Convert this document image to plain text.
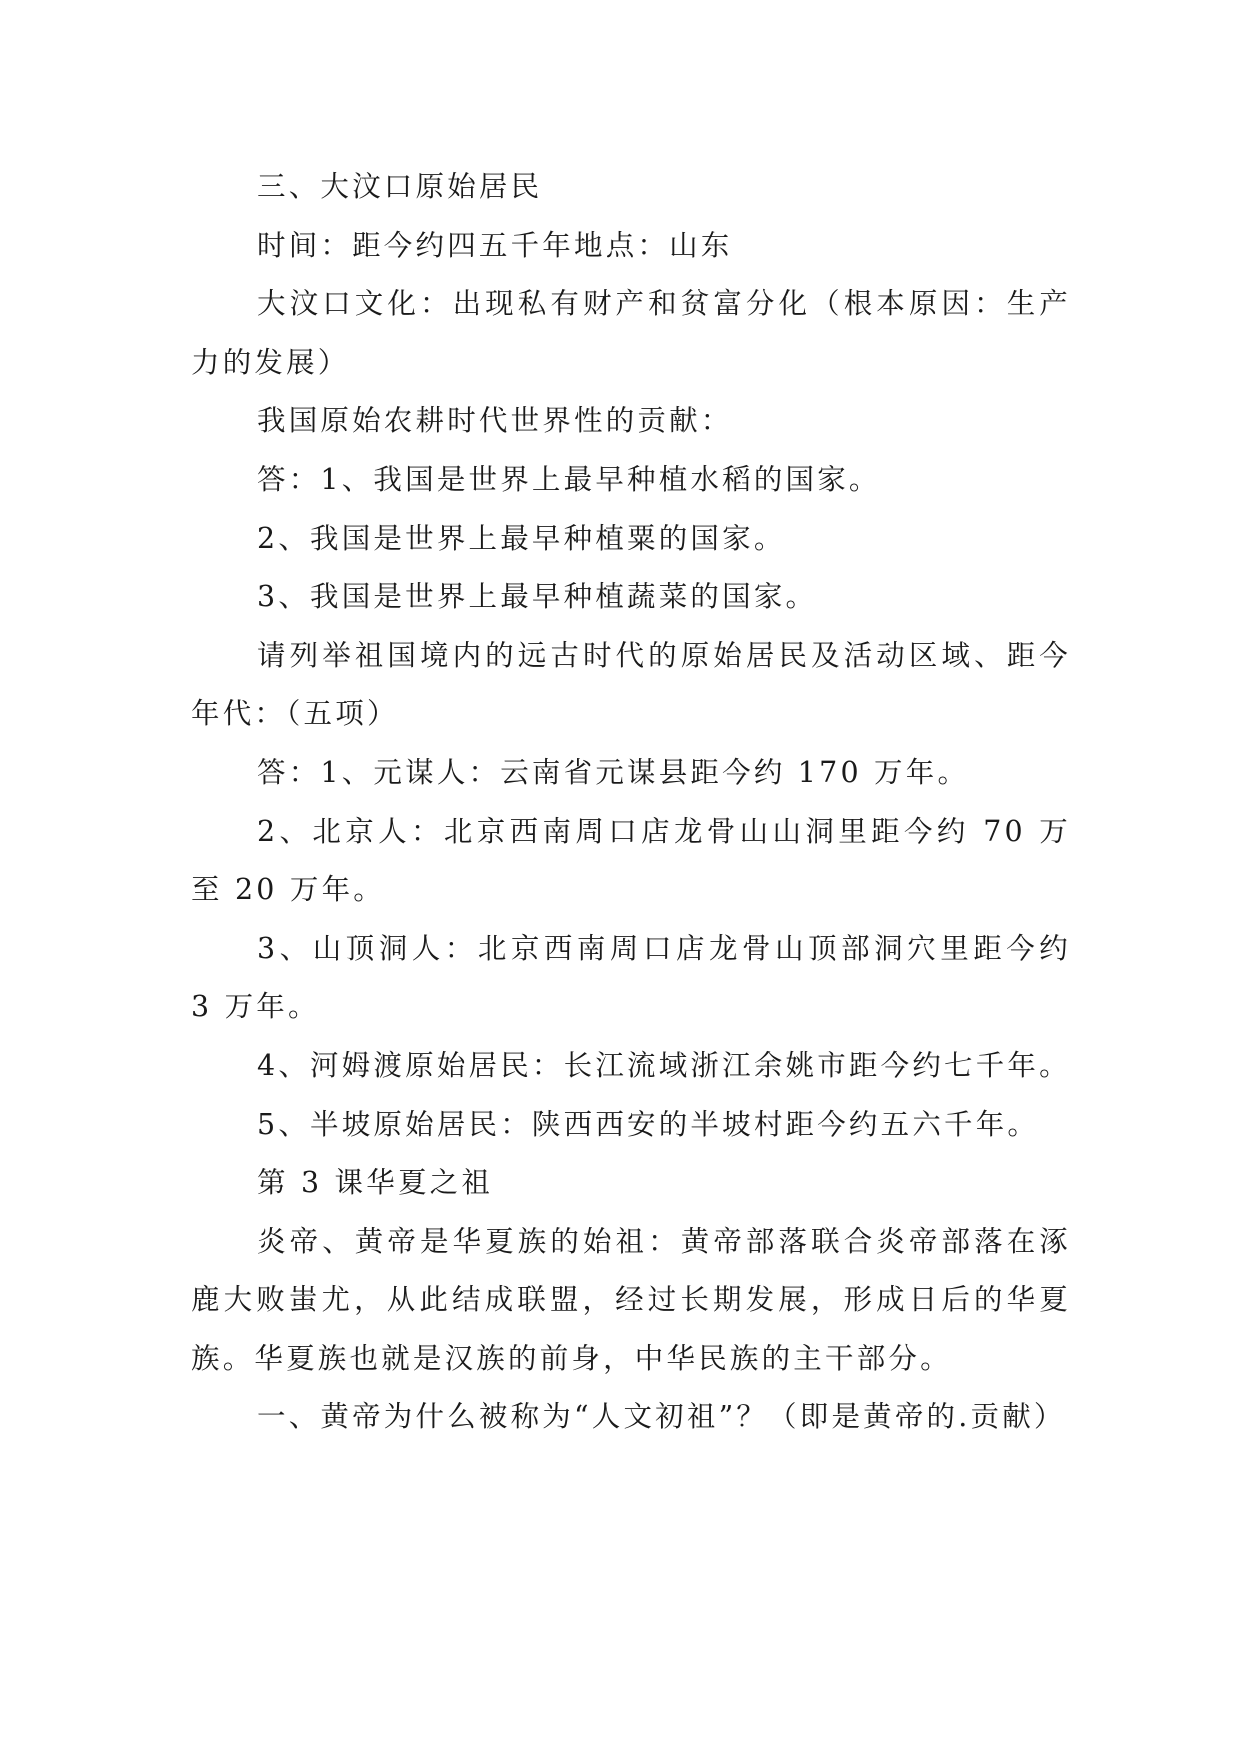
三、大汶口原始居民

时间：距今约四五千年地点：山东

大汶口文化：出现私有财产和贫富分化（根本原因：生产力的发展）

我国原始农耕时代世界性的贡献：

答：1、我国是世界上最早种植水稻的国家。

2、我国是世界上最早种植粟的国家。

3、我国是世界上最早种植蔬菜的国家。

请列举祖国境内的远古时代的原始居民及活动区域、距今年代：（五项）

答：1、元谋人：云南省元谋县距今约 170 万年。

2、北京人：北京西南周口店龙骨山山洞里距今约 70 万至 20 万年。

3、山顶洞人：北京西南周口店龙骨山顶部洞穴里距今约 3 万年。

4、河姆渡原始居民：长江流域浙江余姚市距今约七千年。

5、半坡原始居民：陕西西安的半坡村距今约五六千年。

第 3 课华夏之祖

炎帝、黄帝是华夏族的始祖：黄帝部落联合炎帝部落在涿鹿大败蚩尤，从此结成联盟，经过长期发展，形成日后的华夏族。华夏族也就是汉族的前身，中华民族的主干部分。

一、黄帝为什么被称为“人文初祖”？（即是黄帝的.贡献）
